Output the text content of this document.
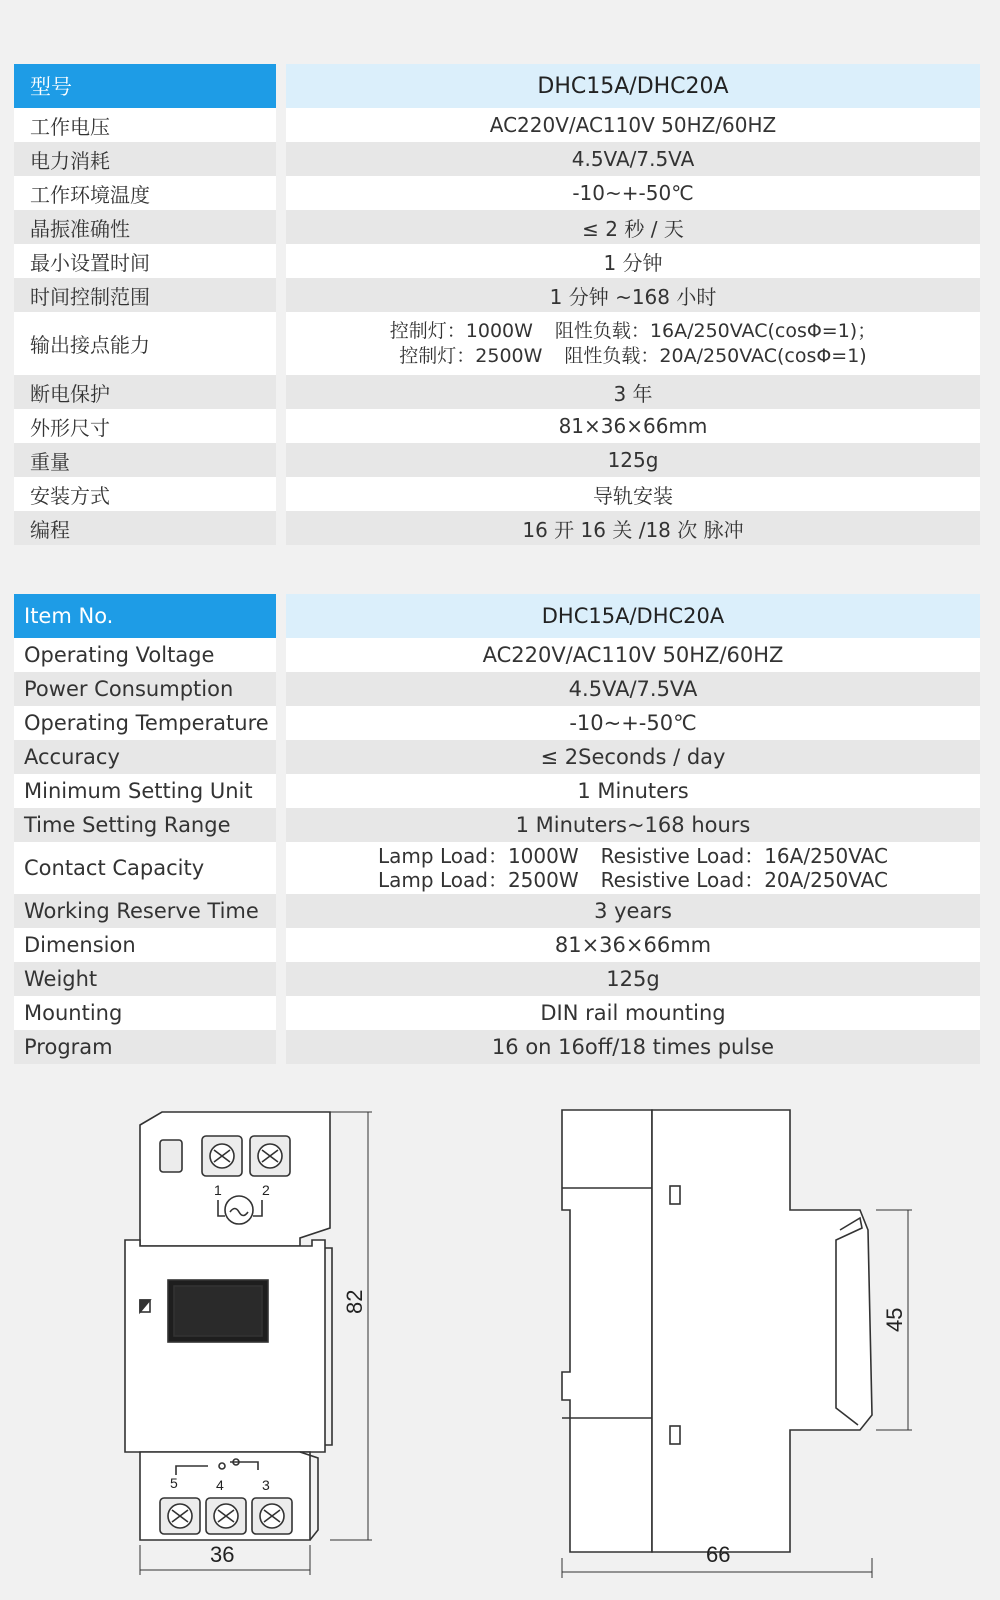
型号	DHC15A/DHC20A
工作电压	AC220V/AC110V 50HZ/60HZ
电力消耗	4.5VA/7.5VA
工作环境温度	-10~+-50℃
晶振准确性	≤ 2 秒 / 天
最小设置时间	1 分钟
时间控制范围	1 分钟 ~168 小时
输出接点能力
控制灯：1000W 阻性负载：16A/250VAC(cosΦ=1)；
控制灯：2500W 阻性负载：20A/250VAC(cosΦ=1)
断电保护	3 年
外形尺寸	81×36×66mm
重量	125g
安装方式	导轨安装
编程	16 开 16 关 /18 次 脉冲
Item No.	DHC15A/DHC20A
Operating Voltage	AC220V/AC110V 50HZ/60HZ
Power Consumption	4.5VA/7.5VA
Operating Temperature	-10~+-50℃
Accuracy	≤ 2Seconds / day
Minimum Setting Unit	1 Minuters
Time Setting Range	1 Minuters~168 hours
Contact Capacity	Lamp Load：1000W Resistive Load：16A/250VAC
Lamp Load：2500W Resistive Load：20A/250VAC
Working Reserve Time	3 years
Dimension	81×36×66mm
Weight	125g
Mounting	DIN rail mounting
Program	16 on 16off/18 times pulse
1	2
5	4	3
82
36
45
66
